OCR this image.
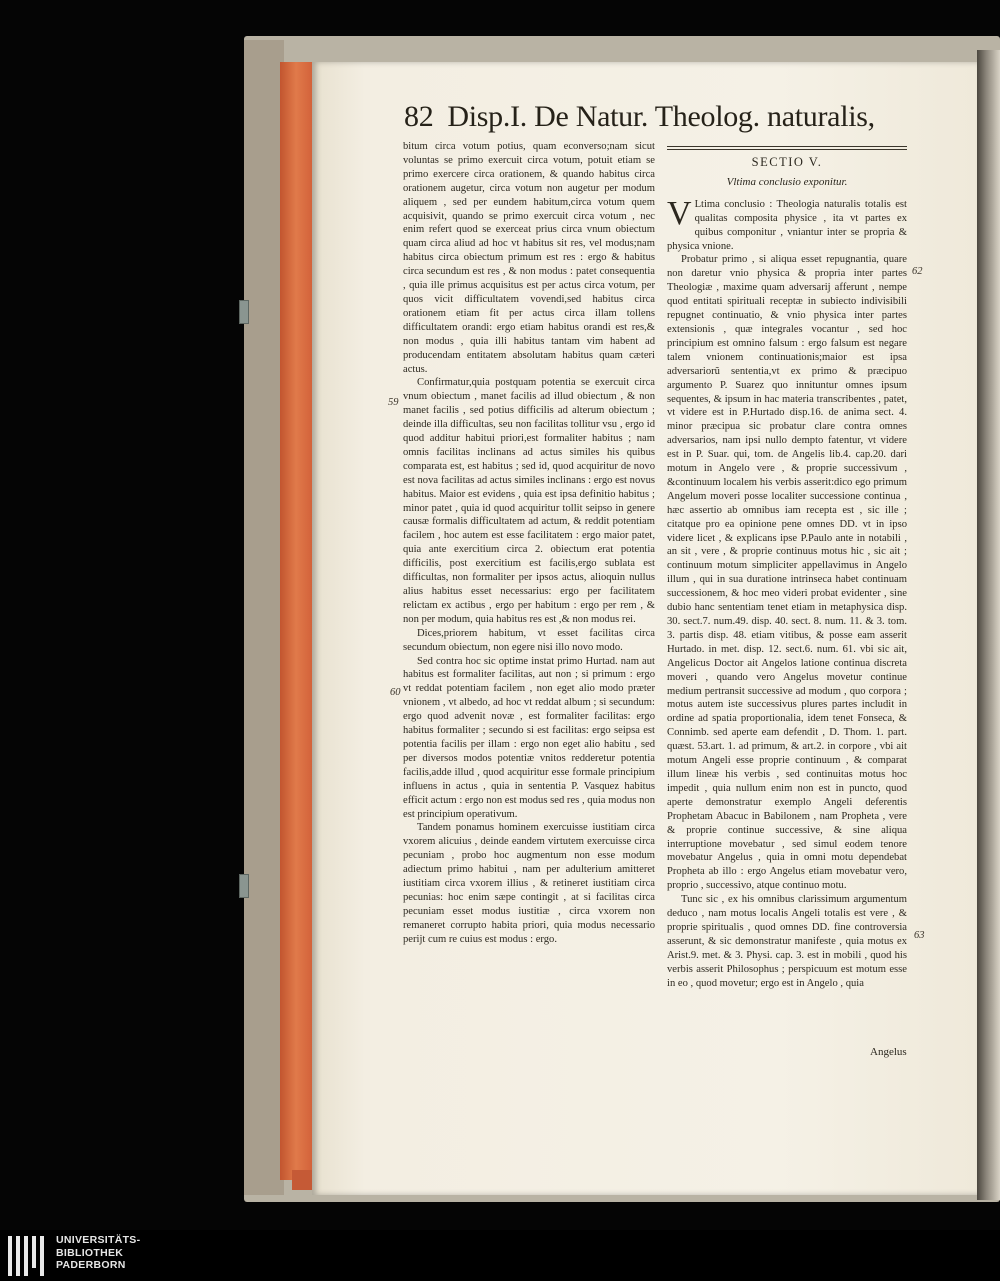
82 Disp.I. De Natur. Theolog. naturalis,

bitum circa votum potius, quam econverso;nam sicut voluntas se primo exercuit circa votum, potuit etiam se primo exercere circa orationem, & quando habitus circa orationem augetur, circa votum non augetur per modum aliquem , sed per eundem habitum,circa votum quem acquisivit, quando se primo exercuit circa votum , nec enim refert quod se exerceat prius circa vnum obiectum quam circa aliud ad hoc vt habitus sit res, vel modus;nam habitus circa obiectum primum est res : ergo & habitus circa secundum est res , & non modus : patet consequentia , quia ille primus acquisitus est per actus circa votum, per quos vicit difficultatem vovendi,sed habitus circa orationem etiam fit per actus circa illam tollens difficultatem orandi: ergo etiam habitus orandi est res,& non modus , quia illi habitus tantam vim habent ad producendam entitatem absolutam habitus quam cæteri actus.

Confirmatur,quia postquam potentia se exercuit circa vnum obiectum , manet facilis ad illud obiectum , & non manet facilis , sed potius difficilis ad alterum obiectum ; deinde illa difficultas, seu non facilitas tollitur vsu , ergo id quod additur habitui priori,est formaliter habitus ; nam omnis facilitas inclinans ad actus similes his quibus comparata est, est habitus ; sed id, quod acquiritur de novo est nova facilitas ad actus similes inclinans : ergo est novus habitus. Maior est evidens , quia est ipsa definitio habitus ; minor patet , quia id quod acquiritur tollit seipso in genere causæ formalis difficultatem ad actum, & reddit potentiam facilem , hoc autem est esse facilitatem : ergo maior patet, quia ante exercitium circa 2. obiectum erat potentia difficilis, post exercitium est facilis,ergo sublata est difficultas, non formaliter per ipsos actus, alioquin nullus alius habitus esset necessarius: ergo per facilitatem relictam ex actibus , ergo per habitum : ergo per rem , & non per modum, quia habitus res est ,& non modus rei.

Dices,priorem habitum, vt esset facilitas circa secundum obiectum, non egere nisi illo novo modo.

Sed contra hoc sic optime instat primo Hurtad. nam aut habitus est formaliter facilitas, aut non ; si primum : ergo vt reddat potentiam facilem , non eget alio modo præter vnionem , vt albedo, ad hoc vt reddat album ; si secundum: ergo quod advenit novæ , est formaliter facilitas: ergo habitus formaliter ; secundo si est facilitas: ergo seipsa est potentia facilis per illam : ergo non eget alio habitu , sed per diversos modos potentiæ vnitos redderetur potentia facilis,adde illud , quod acquiritur esse formale principium influens in actus , quia in sententia P. Vasquez habitus efficit actum : ergo non est modus sed res , quia modus non est principium operativum.

Tandem ponamus hominem exercuisse iustitiam circa vxorem alicuius , deinde eandem virtutem exercuisse circa pecuniam , probo hoc augmentum non esse modum adiectum primo habitui , nam per adulterium amitteret iustitiam circa vxorem illius , & retineret iustitiam circa pecunias: hoc enim sæpe contingit , at si facilitas circa pecuniam esset modus iustitiæ , circa vxorem non remaneret corrupto habita priori, quia modus necessario perijt cum re cuius est modus : ergo.

SECTIO V.
Vltima conclusio exponitur.

V Ltima conclusio : Theologia naturalis totalis est qualitas composita physice , ita vt partes ex quibus componitur , vniantur inter se propria & physica vnione.

Probatur primo , si aliqua esset repugnantia, quare non daretur vnio physica & propria inter partes Theologiæ , maxime quam adversarij afferunt , nempe quod entitati spirituali receptæ in subiecto indivisibili repugnet continuatio, & vnio physica inter partes extensionis , quæ integrales vocantur , sed hoc principium est omnino falsum : ergo falsum est negare talem vnionem continuationis;maior est ipsa adversariorũ sententia,vt ex primo & præcipuo argumento P. Suarez quo innituntur omnes ipsum sequentes, & ipsum in hac materia transcribentes , patet, vt videre est in P.Hurtado disp.16. de anima sect. 4. minor præcipua sic probatur clare contra omnes adversarios, nam ipsi nullo dempto fatentur, vt videre est in P. Suar. qui, tom. de Angelis lib.4. cap.20. dari motum in Angelo vere , & proprie successivum , &continuum localem his verbis asserit:dico ego primum Angelum moveri posse localiter successione continua , hæc assertio ab omnibus iam recepta est , sic ille ; citatque pro ea opinione pene omnes DD. vt in ipso videre licet , & explicans ipse P.Paulo ante in notabili , an sit , vere , & proprie continuus motus hic , sic ait ; continuum motum simpliciter appellavimus in Angelo illum , qui in sua duratione intrinseca habet continuam successionem, & hoc meo videri probat evidenter , sine dubio hanc sententiam tenet etiam in metaphysica disp. 30. sect.7. num.49. disp. 40. sect. 8. num. 11. & 3. tom. 3. partis disp. 48. etiam vitibus, & posse eam asserit Hurtado. in met. disp. 12. sect.6. num. 61. vbi sic ait, Angelicus Doctor ait Angelos latione continua discreta moveri , quando vero Angelus movetur continue medium pertransit successive ad modum , quo corpora ; motus autem iste successivus plures partes includit in ordine ad spatia proportionalia, idem tenet Fonseca, & Connimb. sed aperte eam defendit , D. Thom. 1. part. quæst. 53.art. 1. ad primum, & art.2. in corpore , vbi ait motum Angeli esse proprie continuum , & comparat illum lineæ his verbis , sed continuitas motus hoc impedit , quia nullum enim non est in puncto, quod aperte demonstratur exemplo Angeli deferentis Prophetam Abacuc in Babilonem , nam Propheta , vere & proprie continue successive, & sine aliqua interruptione movebatur , sed simul eodem tenore movebatur Angelus , quia in omni motu dependebat Propheta ab illo : ergo Angelus etiam movebatur vero, proprio , successivo, atque continuo motu.

Tunc sic , ex his omnibus clarissimum argumentum deduco , nam motus localis Angeli totalis est vere , & proprie spiritualis , quod omnes DD. fine controversia asserunt, & sic demonstratur manifeste , quia motus ex Arist.9. met. & 3. Physi. cap. 3. est in mobili , quod his verbis asserit Philosophus ; perspicuum est motum esse in eo , quod movetur; ergo est in Angelo , quia

59
60
62
63
Angelus
UNIVERSITÄTS-
BIBLIOTHEK
PADERBORN
